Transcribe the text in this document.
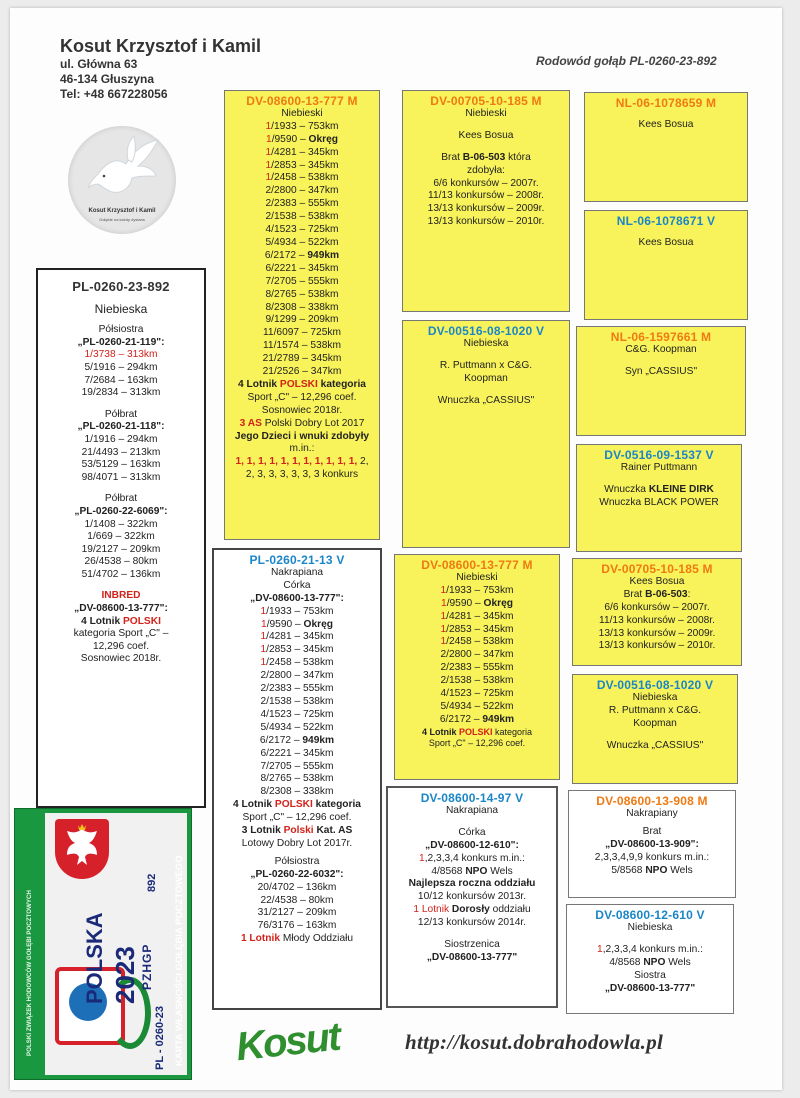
Kosut Krzysztof i Kamil
ul. Główna 63
46-134 Głuszyna
Tel: +48 667228056
Rodowód gołąb PL-0260-23-892
Kosut Krzysztof i Kamil
Gołębie na każdy dystans
PL-0260-23-892
Niebieska
Półsiostra
„PL-0260-21-119":
1/3738 – 313km
5/1916 – 294km
7/2684 – 163km
19/2834 – 313km
Półbrat
„PL-0260-21-118":
1/1916 – 294km
21/4493 – 213km
53/5129 – 163km
98/4071 – 313km
Półbrat
„PL-0260-22-6069":
1/1408 – 322km
1/669 – 322km
19/2127 – 209km
26/4538 – 80km
51/4702 – 136km
INBRED
„DV-08600-13-777":
4 Lotnik POLSKI
kategoria Sport „C" –
12,296 coef.
Sosnowiec 2018r.
DV-08600-13-777 M
Niebieski
1/1933 – 753km
1/9590 – Okręg
1/4281 – 345km
1/2853 – 345km
1/2458 – 538km
2/2800 – 347km
2/2383 – 555km
2/1538 – 538km
4/1523 – 725km
5/4934 – 522km
6/2172 – 949km
6/2221 – 345km
7/2705 – 555km
8/2765 – 538km
8/2308 – 338km
9/1299 – 209km
11/6097 – 725km
11/1574 – 538km
21/2789 – 345km
21/2526 – 347km
4 Lotnik POLSKI kategoria
Sport „C" – 12,296 coef.
Sosnowiec 2018r.
3 AS Polski Dobry Lot 2017
Jego Dzieci i wnuki zdobyły m.in.:
1, 1, 1, 1, 1, 1, 1, 1, 1, 1, 1, 2,
2, 3, 3, 3, 3, 3, 3 konkurs
PL-0260-21-13 V
Nakrapiana
Córka
„DV-08600-13-777":
1/1933 – 753km
1/9590 – Okręg
1/4281 – 345km
1/2853 – 345km
1/2458 – 538km
2/2800 – 347km
2/2383 – 555km
2/1538 – 538km
4/1523 – 725km
5/4934 – 522km
6/2172 – 949km
6/2221 – 345km
7/2705 – 555km
8/2765 – 538km
8/2308 – 338km
4 Lotnik POLSKI kategoria
Sport „C" – 12,296 coef.
3 Lotnik Polski Kat. AS
Lotowy Dobry Lot 2017r.
Półsiostra
„PL-0260-22-6032":
20/4702 – 136km
22/4538 – 80km
31/2127 – 209km
76/3176 – 163km
1 Lotnik Młody Oddziału
DV-00705-10-185 M
Niebieski
Kees Bosua
Brat B-06-503 która
zdobyła:
6/6 konkursów – 2007r.
11/13 konkursów – 2008r.
13/13 konkursów – 2009r.
13/13 konkursów – 2010r.
DV-00516-08-1020 V
Niebieska
R. Puttmann x C&G.
Koopman
Wnuczka „CASSIUS"
DV-08600-13-777 M
Niebieski
1/1933 – 753km
1/9590 – Okręg
1/4281 – 345km
1/2853 – 345km
1/2458 – 538km
2/2800 – 347km
2/2383 – 555km
2/1538 – 538km
4/1523 – 725km
5/4934 – 522km
6/2172 – 949km
4 Lotnik POLSKI kategoria
Sport „C" – 12,296 coef.
DV-08600-14-97 V
Nakrapiana
Córka
„DV-08600-12-610":
1,2,3,3,4 konkurs m.in.:
4/8568 NPO Wels
Najlepsza roczna oddziału
10/12 konkursów 2013r.
1 Lotnik Dorosły oddziału
12/13 konkursów 2014r.
Siostrzenica
„DV-08600-13-777"
NL-06-1078659 M
Kees Bosua
NL-06-1078671 V
Kees Bosua
NL-06-1597661 M
C&G. Koopman
Syn „CASSIUS"
DV-0516-09-1537 V
Rainer Puttmann
Wnuczka KLEINE DIRK
Wnuczka BLACK POWER
DV-00705-10-185 M
Kees Bosua
Brat B-06-503:
6/6 konkursów – 2007r.
11/13 konkursów – 2008r.
13/13 konkursów – 2009r.
13/13 konkursów – 2010r.
DV-00516-08-1020 V
Niebieska
R. Puttmann x C&G.
Koopman
Wnuczka „CASSIUS"
DV-08600-13-908 M
Nakrapiany
Brat
„DV-08600-13-909":
2,3,3,4,9,9 konkurs m.in.:
5/8568 NPO Wels
DV-08600-12-610 V
Niebieska
1,2,3,3,4 konkurs m.in.:
4/8568 NPO Wels
Siostra
„DV-08600-13-777"
POLSKI ZWIĄZEK HODOWCÓW GOŁĘBI POCZTOWYCH	KARTA WŁASNOŚCI GOŁĘBIA POCZTOWEGO
POLSKA 2023 PZHGP
892
PL - 0260-23 Kosut	http://kosut.dobrahodowla.pl
